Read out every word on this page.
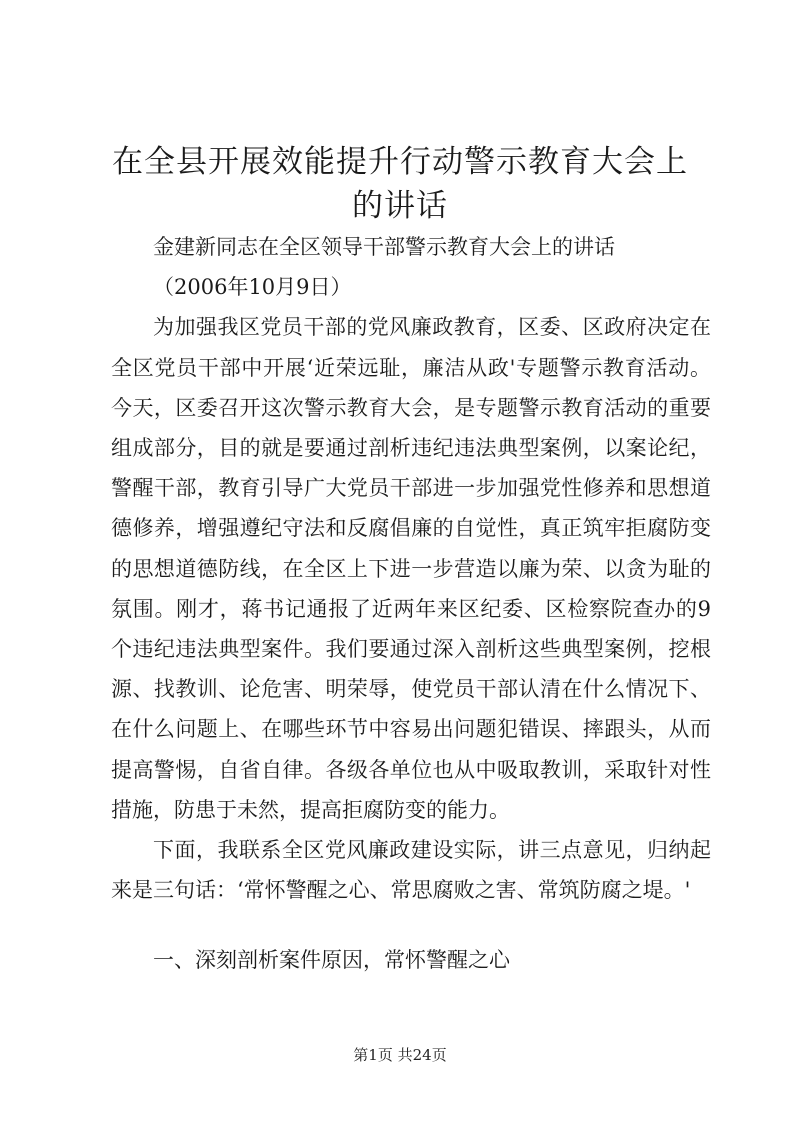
在全县开展效能提升行动警示教育大会上的讲话

金建新同志在全区领导干部警示教育大会上的讲话

（2006年10月9日）

为加强我区党员干部的党风廉政教育，区委、区政府决定在全区党员干部中开展‘近荣远耻，廉洁从政'专题警示教育活动。今天，区委召开这次警示教育大会，是专题警示教育活动的重要组成部分，目的就是要通过剖析违纪违法典型案例，以案论纪，警醒干部，教育引导广大党员干部进一步加强党性修养和思想道德修养，增强遵纪守法和反腐倡廉的自觉性，真正筑牢拒腐防变的思想道德防线，在全区上下进一步营造以廉为荣、以贪为耻的氛围。刚才，蒋书记通报了近两年来区纪委、区检察院查办的9个违纪违法典型案件。我们要通过深入剖析这些典型案例，挖根源、找教训、论危害、明荣辱，使党员干部认清在什么情况下、在什么问题上、在哪些环节中容易出问题犯错误、摔跟头，从而提高警惕，自省自律。各级各单位也从中吸取教训，采取针对性措施，防患于未然，提高拒腐防变的能力。

下面，我联系全区党风廉政建设实际，讲三点意见，归纳起来是三句话：‘常怀警醒之心、常思腐败之害、常筑防腐之堤。'

一、深刻剖析案件原因，常怀警醒之心

第1页 共24页
